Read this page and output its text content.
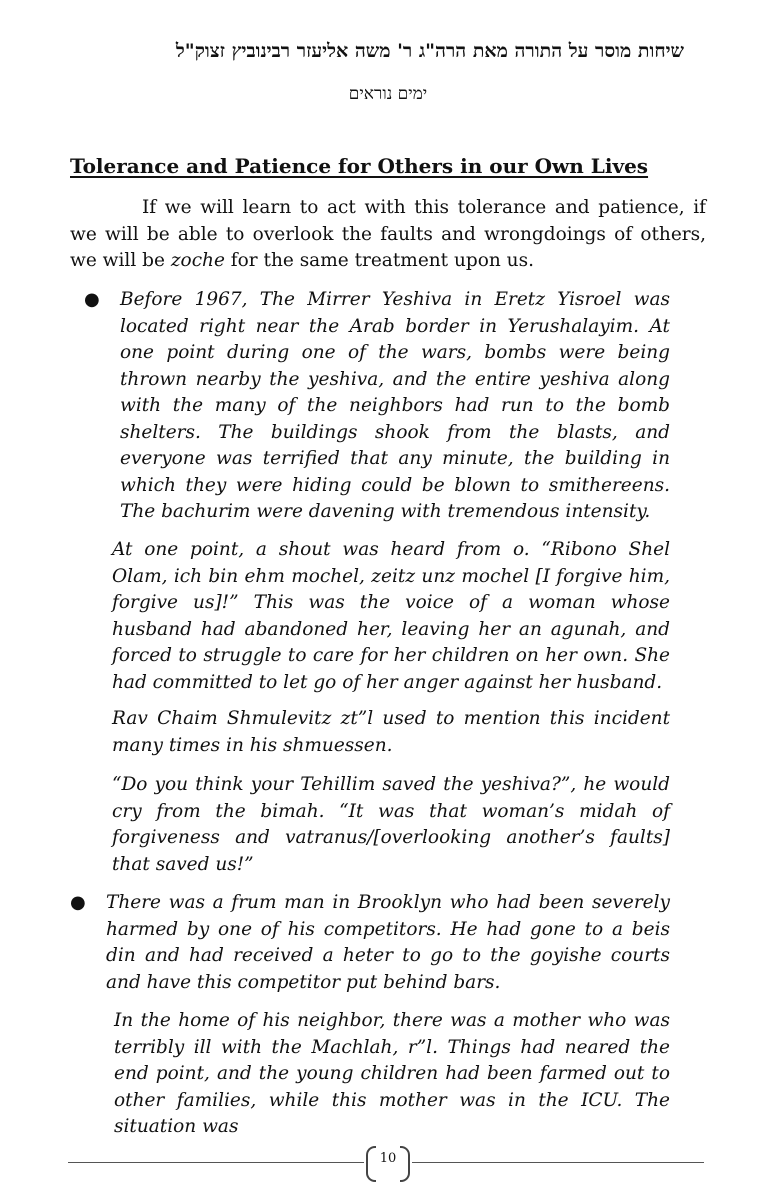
שיחות מוסר על התורה מאת הרה"ג ר' משה אליעזר רבינוביץ זצוק"ל
ימים נוראים
Tolerance and Patience for Others in our Own Lives
If we will learn to act with this tolerance and patience, if we will be able to overlook the faults and wrongdoings of others, we will be zoche for the same treatment upon us.
● Before 1967, The Mirrer Yeshiva in Eretz Yisroel was located right near the Arab border in Yerushalayim. At one point during one of the wars, bombs were being thrown nearby the yeshiva, and the entire yeshiva along with the many of the neighbors had run to the bomb shelters. The buildings shook from the blasts, and everyone was terrified that any minute, the building in which they were hiding could be blown to smithereens. The bachurim were davening with tremendous intensity.
At one point, a shout was heard from o. “Ribono Shel Olam, ich bin ehm mochel, zeitz unz mochel [I forgive him, forgive us]!” This was the voice of a woman whose husband had abandoned her, leaving her an agunah, and forced to struggle to care for her children on her own. She had committed to let go of her anger against her husband.
Rav Chaim Shmulevitz zt”l used to mention this incident many times in his shmuessen.
“Do you think your Tehillim saved the yeshiva?”, he would cry from the bimah. “It was that woman’s midah of forgiveness and vatranus/[overlooking another’s faults] that saved us!”
● There was a frum man in Brooklyn who had been severely harmed by one of his competitors. He had gone to a beis din and had received a heter to go to the goyishe courts and have this competitor put behind bars.
In the home of his neighbor, there was a mother who was terribly ill with the Machlah, r”l. Things had neared the end point, and the young children had been farmed out to other families, while this mother was in the ICU. The situation was
10
